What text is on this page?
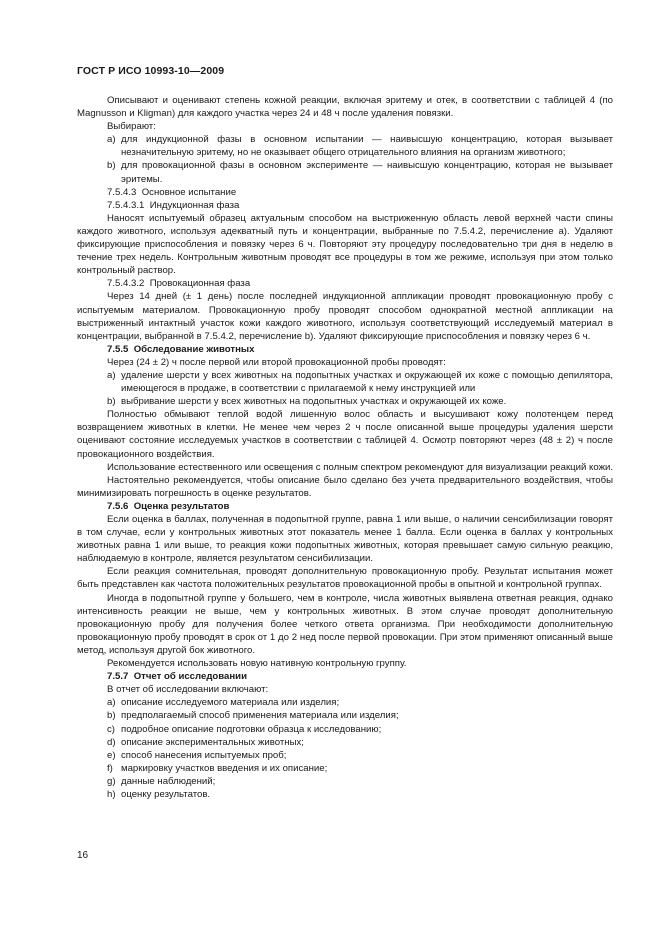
ГОСТ Р ИСО 10993-10—2009

Описывают и оценивают степень кожной реакции, включая эритему и отек, в соответствии с таблицей 4 (по Magnusson и Kligman) для каждого участка через 24 и 48 ч после удаления повязки.

Выбирают:

a) для индукционной фазы в основном испытании — наивысшую концентрацию, которая вызывает незначительную эритему, но не оказывает общего отрицательного влияния на организм животного;
b) для провокационной фазы в основном эксперименте — наивысшую концентрацию, которая не вызывает эритемы.
7.5.4.3 Основное испытание
7.5.4.3.1 Индукционная фаза

Наносят испытуемый образец актуальным способом на выстриженную область левой верхней части спины каждого животного, используя адекватный путь и концентрации, выбранные по 7.5.4.2, перечисление а). Удаляют фиксирующие приспособления и повязку через 6 ч. Повторяют эту процедуру последовательно три дня в неделю в течение трех недель. Контрольным животным проводят все процедуры в том же режиме, используя при этом только контрольный раствор.

7.5.4.3.2 Провокационная фаза

Через 14 дней (± 1 день) после последней индукционной аппликации проводят провокационную пробу с испытуемым материалом. Провокационную пробу проводят способом однократной местной аппликации на выстриженный интактный участок кожи каждого животного, используя соответствующий исследуемый материал в концентрации, выбранной в 7.5.4.2, перечисление b). Удаляют фиксирующие приспособления и повязку через 6 ч.

7.5.5 Обследование животных

Через (24 ± 2) ч после первой или второй провокационной пробы проводят:

a) удаление шерсти у всех животных на подопытных участках и окружающей их коже с помощью депилятора, имеющегося в продаже, в соответствии с прилагаемой к нему инструкцией или
b) выбривание шерсти у всех животных на подопытных участках и окружающей их коже.

Полностью обмывают теплой водой лишенную волос область и высушивают кожу полотенцем перед возвращением животных в клетки. Не менее чем через 2 ч после описанной выше процедуры удаления шерсти оценивают состояние исследуемых участков в соответствии с таблицей 4. Осмотр повторяют через (48 ± 2) ч после провокационного воздействия.

Использование естественного или освещения с полным спектром рекомендуют для визуализации реакций кожи.

Настоятельно рекомендуется, чтобы описание было сделано без учета предварительного воздействия, чтобы минимизировать погрешность в оценке результатов.

7.5.6 Оценка результатов

Если оценка в баллах, полученная в подопытной группе, равна 1 или выше, о наличии сенсибилизации говорят в том случае, если у контрольных животных этот показатель менее 1 балла. Если оценка в баллах у контрольных животных равна 1 или выше, то реакция кожи подопытных животных, которая превышает самую сильную реакцию, наблюдаемую в контроле, является результатом сенсибилизации.

Если реакция сомнительная, проводят дополнительную провокационную пробу. Результат испытания может быть представлен как частота положительных результатов провокационной пробы в опытной и контрольной группах.

Иногда в подопытной группе у большего, чем в контроле, числа животных выявлена ответная реакция, однако интенсивность реакции не выше, чем у контрольных животных. В этом случае проводят дополнительную провокационную пробу для получения более четкого ответа организма. При необходимости дополнительную провокационную пробу проводят в срок от 1 до 2 нед после первой провокации. При этом применяют описанный выше метод, используя другой бок животного.

Рекомендуется использовать новую нативную контрольную группу.

7.5.7 Отчет об исследовании

В отчет об исследовании включают:

a) описание исследуемого материала или изделия;
b) предполагаемый способ применения материала или изделия;
c) подробное описание подготовки образца к исследованию;
d) описание экспериментальных животных;
e) способ нанесения испытуемых проб;
f) маркировку участков введения и их описание;
g) данные наблюдений;
h) оценку результатов.
16
